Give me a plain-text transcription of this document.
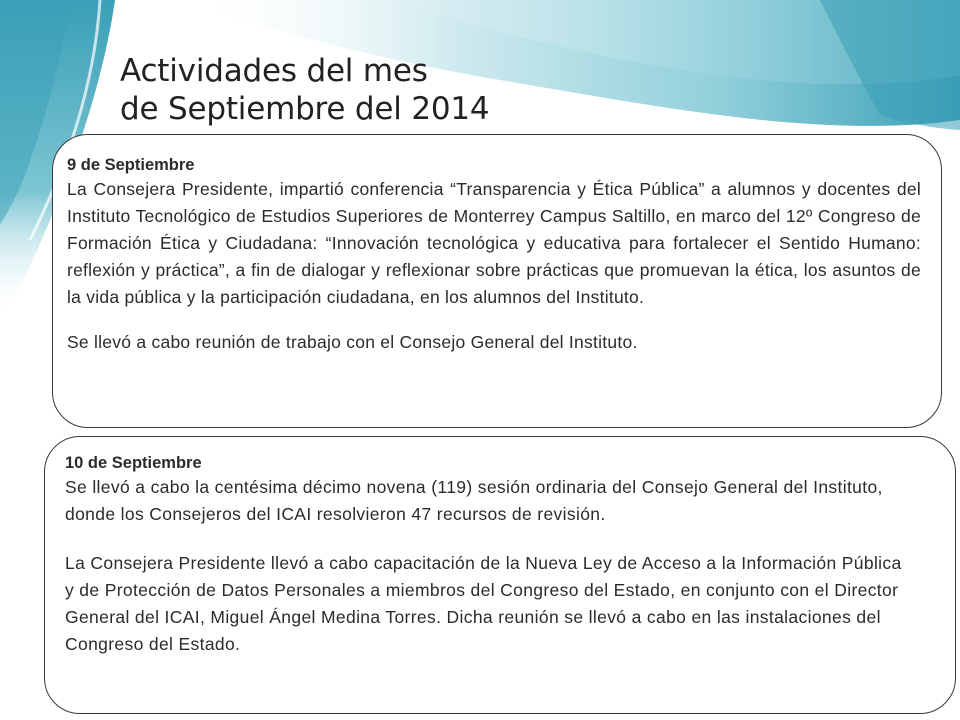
Actividades del mes
de Septiembre del 2014
9 de Septiembre
La Consejera Presidente, impartió conferencia “Transparencia y Ética Pública” a alumnos y docentes del Instituto Tecnológico de Estudios Superiores de Monterrey Campus Saltillo, en marco del 12º Congreso de Formación Ética y Ciudadana: “Innovación tecnológica y educativa para fortalecer el Sentido Humano: reflexión y práctica”, a fin de dialogar y reflexionar sobre prácticas que promuevan la ética, los asuntos de la vida pública y la participación ciudadana, en los alumnos del Instituto.
Se llevó a cabo reunión de trabajo con el Consejo General del Instituto.
10 de Septiembre
Se llevó a cabo la centésima décimo novena (119) sesión ordinaria del Consejo General del Instituto, donde los Consejeros del ICAI resolvieron 47 recursos de revisión.
La Consejera Presidente llevó a cabo capacitación de la Nueva Ley de Acceso a la Información Pública y de Protección de Datos Personales a miembros del Congreso del Estado, en conjunto con el Director General del ICAI, Miguel Ángel Medina Torres. Dicha reunión se llevó a cabo en las instalaciones del Congreso del Estado.
